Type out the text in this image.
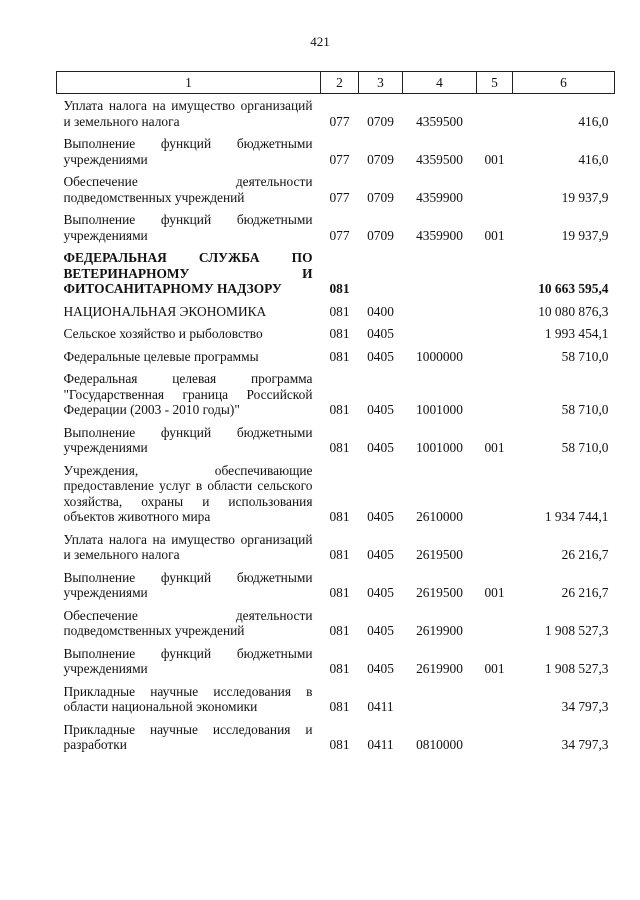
421
1	2	3	4	5	6
Уплата налога на имущество организаций и земельного налога	077	0709	4359500		416,0
Выполнение функций бюджетными учреждениями	077	0709	4359500	001	416,0
Обеспечение деятельности подведомственных учреждений	077	0709	4359900		19 937,9
Выполнение функций бюджетными учреждениями	077	0709	4359900	001	19 937,9
ФЕДЕРАЛЬНАЯ СЛУЖБА ПО ВЕТЕРИНАРНОМУ И ФИТОСАНИТАРНОМУ НАДЗОРУ	081				10 663 595,4
НАЦИОНАЛЬНАЯ ЭКОНОМИКА	081	0400			10 080 876,3
Сельское хозяйство и рыболовство	081	0405			1 993 454,1
Федеральные целевые программы	081	0405	1000000		58 710,0
Федеральная целевая программа "Государственная граница Российской Федерации (2003 - 2010 годы)"	081	0405	1001000		58 710,0
Выполнение функций бюджетными учреждениями	081	0405	1001000	001	58 710,0
Учреждения, обеспечивающие предоставление услуг в области сельского хозяйства, охраны и использования объектов животного мира	081	0405	2610000		1 934 744,1
Уплата налога на имущество организаций и земельного налога	081	0405	2619500		26 216,7
Выполнение функций бюджетными учреждениями	081	0405	2619500	001	26 216,7
Обеспечение деятельности подведомственных учреждений	081	0405	2619900		1 908 527,3
Выполнение функций бюджетными учреждениями	081	0405	2619900	001	1 908 527,3
Прикладные научные исследования в области национальной экономики	081	0411			34 797,3
Прикладные научные исследования и разработки	081	0411	0810000		34 797,3
